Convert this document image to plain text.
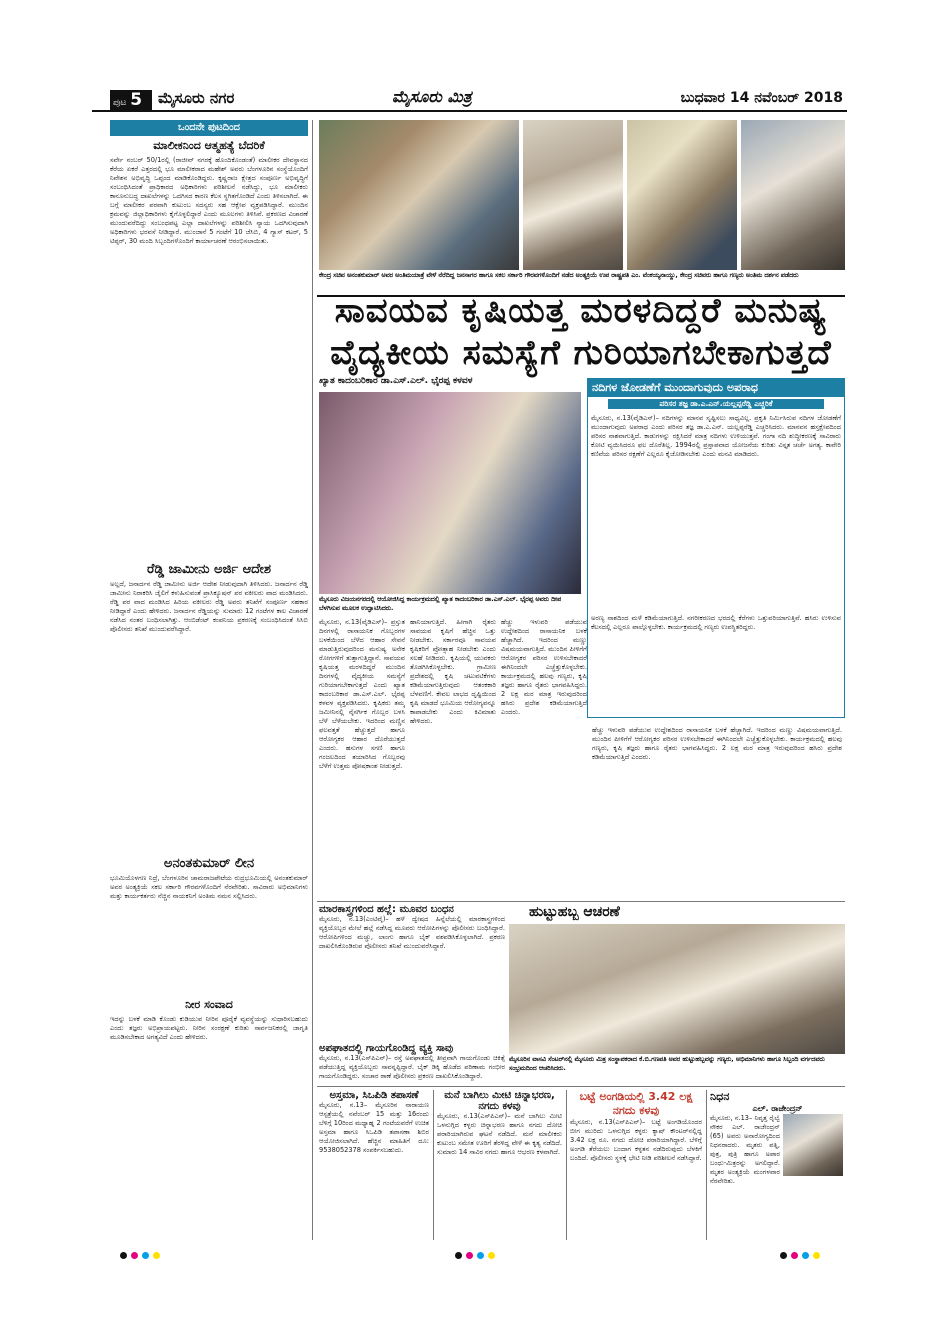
ಪುಟ 5	ಮೈಸೂರು ನಗರ	ಮೈಸೂರು ಮಿತ್ರ	ಬುಧವಾರ 14 ನವೆಂಬರ್ 2018
ಒಂದನೇ ಪುಟದಿಂದ
ಮಾಲೀಕನಿಂದ ಆತ್ಮಹತ್ಯೆ ಬೆದರಿಕೆ
ಸರ್ವೇ ನಂಬರ್ 50/1ರಲ್ಲಿ (ರಾಜೀವ್ ನಗರಕ್ಕೆ ಹೊಂದಿಕೊಂಡಂತೆ) ಮಾಲೀಕರ ದೇವಸ್ಥಾನದ ಕೆರೆಯ ಏಕರೆ ಎತ್ತರದಲ್ಲಿ ಭೂ ಮಾಲೀಕರಾದ ಮಹೇಶ್ ಅವರು ಬೆಂಗಳೂರಿನ ಸಂಸ್ಥೆಯೊಂದಿಗೆ ನಿವೇಶನ ಅಭಿವೃದ್ಧಿ ಒಪ್ಪಂದ ಮಾಡಿಕೊಂಡಿದ್ದರು. ಕೃಷ್ಣರಾಜ ಕ್ಷೇತ್ರದ ಸಂಪೂರ್ಣ ಅಭಿವೃದ್ಧಿಗೆ ಸಂಬಂಧಿಸಿದಂತೆ ಪ್ರಾಧಿಕಾರದ ಅಧಿಕಾರಿಗಳು ಪರಿಶೀಲನೆ ನಡೆಸಿದ್ದು, ಭೂ ಮಾಲೀಕರು ಕಾನೂನುಬದ್ಧ ದಾಖಲೆಗಳನ್ನು ಒದಗಿಸದ ಕಾರಣ ಕೆಲಸ ಸ್ಥಗಿತಗೊಂಡಿದೆ ಎಂದು ತಿಳಿಸಲಾಗಿದೆ. ಈ ಬಗ್ಗೆ ಮಾಲೀಕರ ಪರವಾಗಿ ಕುಟುಂಬ ಸದಸ್ಯರು ಸಹ ಆಕ್ಷೇಪ ವ್ಯಕ್ತಪಡಿಸಿದ್ದಾರೆ. ಮುಂದಿನ ಕ್ರಮವನ್ನು ಜಿಲ್ಲಾಧಿಕಾರಿಗಳು ಕೈಗೊಳ್ಳಲಿದ್ದಾರೆ ಎಂದು ಮೂಲಗಳು ತಿಳಿಸಿವೆ. ಪ್ರಕರಣದ ವಿಚಾರಣೆ ಮುಂದುವರೆದಿದ್ದು ಸಂಬಂಧಪಟ್ಟ ಎಲ್ಲಾ ದಾಖಲೆಗಳನ್ನು ಪರಿಶೀಲಿಸಿ ನ್ಯಾಯ ಒದಗಿಸುವುದಾಗಿ ಅಧಿಕಾರಿಗಳು ಭರವಸೆ ನೀಡಿದ್ದಾರೆ. ಮುಂಜಾನೆ 5 ಗಂಟೆಗೆ 10 ಜೆಸಿಬಿ, 4 ಗ್ಯಾಸ್ ಕಟರ್, 5 ಟಿಪ್ಪರ್, 30 ಮಂದಿ ಸಿಬ್ಬಂದಿಗಳೊಂದಿಗೆ ಕಾರ್ಯಾಚರಣೆ ಆರಂಭಿಸಲಾಯಿತು.
ರೆಡ್ಡಿ ಜಾಮೀನು ಅರ್ಜಿ ಆದೇಶ
ಅಲ್ಲದೆ, ಜನಾರ್ದನ ರೆಡ್ಡಿ ಜಾಮೀನು ಅರ್ಜಿ ಆದೇಶ ನೀಡುವುದಾಗಿ ತಿಳಿಸಿದರು. ಜನಾರ್ದನ ರೆಡ್ಡಿ ಜಾಮೀನು ನಿರಾಕರಿಸಿ ಜೈಲಿಗೆ ಕಳುಹಿಸುವಂತೆ ಪ್ರಾಸಿಕ್ಯೂಷನ್ ಪರ ವಕೀಲರು ವಾದ ಮಂಡಿಸಿದರು. ರೆಡ್ಡಿ ಪರ ವಾದ ಮಂಡಿಸಿದ ಹಿರಿಯ ವಕೀಲರು ರೆಡ್ಡಿ ಅವರು ತನಿಖೆಗೆ ಸಂಪೂರ್ಣ ಸಹಕಾರ ನೀಡಿದ್ದಾರೆ ಎಂದು ಹೇಳಿದರು. ಜನಾರ್ದನ ರೆಡ್ಡಿಯನ್ನು ಸುಮಾರು 12 ಗಂಟೆಗಳ ಕಾಲ ವಿಚಾರಣೆ ನಡೆಸಿದ ನಂತರ ಬಂಧಿಸಲಾಗಿತ್ತು. ಆಂಬಿಡೆಂಟ್ ಕಂಪನಿಯ ಪ್ರಕರಣಕ್ಕೆ ಸಂಬಂಧಿಸಿದಂತೆ ಸಿಸಿಬಿ ಪೊಲೀಸರು ತನಿಖೆ ಮುಂದುವರೆಸಿದ್ದಾರೆ.
ಅನಂತಕುಮಾರ್ ಲೀನ
ಭೂಮಿಯೊಳಗಣ ನಿದ್ರೆ, ಬೆಂಗಳೂರಿನ ಚಾಮರಾಜಪೇಟೆಯ ರುದ್ರಭೂಮಿಯಲ್ಲಿ ಅನಂತಕುಮಾರ್ ಅವರ ಅಂತ್ಯಕ್ರಿಯೆ ಸಕಲ ಸರ್ಕಾರಿ ಗೌರವಗಳೊಂದಿಗೆ ನೆರವೇರಿತು. ಸಾವಿರಾರು ಅಭಿಮಾನಿಗಳು ಮತ್ತು ಕಾರ್ಯಕರ್ತರು ನೆಚ್ಚಿನ ನಾಯಕನಿಗೆ ಅಂತಿಮ ನಮನ ಸಲ್ಲಿಸಿದರು.
ನೀರ ಸಂವಾದ
ಇದನ್ನು ಬಳಕೆ ಮಾಡಿ ಕೊಂಡು ಕುಡಿಯುವ ನೀರಿನ ಪೂರೈಕೆ ವ್ಯವಸ್ಥೆಯನ್ನು ಸುಧಾರಿಸಬಹುದು ಎಂದು ತಜ್ಞರು ಅಭಿಪ್ರಾಯಪಟ್ಟರು. ನೀರಿನ ಸಂರಕ್ಷಣೆ ಕುರಿತು ಸಾರ್ವಜನಿಕರಲ್ಲಿ ಜಾಗೃತಿ ಮೂಡಿಸಬೇಕಾದ ಅಗತ್ಯವಿದೆ ಎಂದು ಹೇಳಿದರು.
ಕೇಂದ್ರ ಸಚಿವ ಅನಂತಕುಮಾರ್ ಅವರ ಅಂತಿಮಯಾತ್ರೆ ವೇಳೆ ನೆರೆದಿದ್ದ ಜನಸಾಗರ ಹಾಗೂ ಸಕಲ ಸರ್ಕಾರಿ ಗೌರವಗಳೊಂದಿಗೆ ನಡೆದ ಅಂತ್ಯಕ್ರಿಯೆ ಉಪ ರಾಷ್ಟ್ರಪತಿ ಎಂ. ವೆಂಕಯ್ಯನಾಯ್ಡು, ಕೇಂದ್ರ ಸಚಿವರು ಹಾಗೂ ಗಣ್ಯರು ಅಂತಿಮ ದರ್ಶನ ಪಡೆದರು
ಸಾವಯವ ಕೃಷಿಯತ್ತ ಮರಳದಿದ್ದರೆ ಮನುಷ್ಯ
ವೈದ್ಯಕೀಯ ಸಮಸ್ಯೆಗೆ ಗುರಿಯಾಗಬೇಕಾಗುತ್ತದೆ
ಖ್ಯಾತ ಕಾದಂಬರಿಕಾರ ಡಾ.ಎಸ್.ಎಲ್. ಭೈರಪ್ಪ ಕಳವಳ
ಮೈಸೂರು ವಿಜಯನಗರದಲ್ಲಿ ಆಯೋಜಿಸಿದ್ದ ಕಾರ್ಯಕ್ರಮದಲ್ಲಿ ಖ್ಯಾತ ಕಾದಂಬರಿಕಾರ ಡಾ.ಎಸ್.ಎಲ್. ಭೈರಪ್ಪ ಅವರು ದೀಪ ಬೆಳಗಿಸುವ ಮೂಲಕ ಉದ್ಘಾಟಿಸಿದರು.
ಮೈಸೂರು, ನ.13(ವೈಡಿಎಸ್)– ಪ್ರಸ್ತುತ ದಿನಗಳಲ್ಲಿ ರಾಸಾಯನಿಕ ಗೊಬ್ಬರಗಳ ಬಳಕೆಯಿಂದ ಬೆಳೆದ ಆಹಾರ ಸೇವನೆ ಮಾಡುತ್ತಿರುವುದರಿಂದ ಮನುಷ್ಯ ಅನೇಕ ರೋಗಗಳಿಗೆ ತುತ್ತಾಗುತ್ತಿದ್ದಾನೆ. ಸಾವಯವ ಕೃಷಿಯತ್ತ ಮರಳದಿದ್ದರೆ ಮುಂದಿನ ದಿನಗಳಲ್ಲಿ ವೈದ್ಯಕೀಯ ಸಮಸ್ಯೆಗೆ ಗುರಿಯಾಗಬೇಕಾಗುತ್ತದೆ ಎಂದು ಖ್ಯಾತ ಕಾದಂಬರಿಕಾರ ಡಾ.ಎಸ್.ಎಲ್. ಭೈರಪ್ಪ ಕಳವಳ ವ್ಯಕ್ತಪಡಿಸಿದರು. ಕೃಷಿಕರು ತಮ್ಮ ಜಮೀನಿನಲ್ಲಿ ನೈಸರ್ಗಿಕ ಗೊಬ್ಬರ ಬಳಸಿ ಬೆಳೆ ಬೆಳೆಯಬೇಕು. ಇದರಿಂದ ಮಣ್ಣಿನ ಫಲವತ್ತತೆ ಹೆಚ್ಚುತ್ತದೆ ಹಾಗೂ ಆರೋಗ್ಯಕರ ಆಹಾರ ದೊರೆಯುತ್ತದೆ ಎಂದರು. ಹಸುಗಳ ಸಗಣಿ ಹಾಗೂ ಗಂಜಲದಿಂದ ತಯಾರಿಸಿದ ಗೊಬ್ಬರವು ಬೆಳೆಗೆ ಉತ್ತಮ ಪೋಷಕಾಂಶ ನೀಡುತ್ತದೆ.
ಹಾನಿಯಾಗುತ್ತಿದೆ. ಹೀಗಾಗಿ ರೈತರು ಸಾವಯವ ಕೃಷಿಗೆ ಹೆಚ್ಚಿನ ಒತ್ತು ನೀಡಬೇಕು. ಸರ್ಕಾರವೂ ಸಾವಯವ ಕೃಷಿಕರಿಗೆ ಪ್ರೋತ್ಸಾಹ ನೀಡಬೇಕು ಎಂದು ಸಲಹೆ ನೀಡಿದರು. ಕೃಷಿಯಲ್ಲಿ ಯುವಕರು ತೊಡಗಿಸಿಕೊಳ್ಳಬೇಕು. ಗ್ರಾಮೀಣ ಪ್ರದೇಶದಲ್ಲಿ ಕೃಷಿ ಚಟುವಟಿಕೆಗಳು ಕಡಿಮೆಯಾಗುತ್ತಿರುವುದು ಆತಂಕಕಾರಿ ಬೆಳವಣಿಗೆ. ಕೇವಲ ಲಾಭದ ದೃಷ್ಟಿಯಿಂದ ಕೃಷಿ ಮಾಡದೆ ಭೂಮಿಯ ಆರೋಗ್ಯವನ್ನೂ ಕಾಪಾಡಬೇಕು ಎಂದು ಕಿವಿಮಾತು ಹೇಳಿದರು.
ಹೆಚ್ಚು ಇಳುವರಿ ಪಡೆಯುವ ಉದ್ದೇಶದಿಂದ ರಾಸಾಯನಿಕ ಬಳಕೆ ಹೆಚ್ಚಾಗಿದೆ. ಇದರಿಂದ ಮಣ್ಣು ವಿಷಮಯವಾಗುತ್ತಿದೆ. ಮುಂದಿನ ಪೀಳಿಗೆಗೆ ಆರೋಗ್ಯಕರ ಪರಿಸರ ಉಳಿಸಬೇಕಾದರೆ ಈಗಿನಿಂದಲೇ ಎಚ್ಚೆತ್ತುಕೊಳ್ಳಬೇಕು. ಕಾರ್ಯಕ್ರಮದಲ್ಲಿ ಹಲವು ಗಣ್ಯರು, ಕೃಷಿ ತಜ್ಞರು ಹಾಗೂ ರೈತರು ಭಾಗವಹಿಸಿದ್ದರು. 2 ಲಕ್ಷ ಮರ ಮಾತ್ರ ಇರುವುದರಿಂದ ಹಸಿರು ಪ್ರದೇಶ ಕಡಿಮೆಯಾಗುತ್ತಿದೆ ಎಂದರು.
ನದಿಗಳ ಜೋಡಣೆಗೆ ಮುಂದಾಗುವುದು ಅಪರಾಧ
ಪರಿಸರ ತಜ್ಞ ಡಾ.ಎ.ಎನ್.ಯಲ್ಲಪ್ಪರೆಡ್ಡಿ ಎಚ್ಚರಿಕೆ
ಮೈಸೂರು, ನ.13(ವೈಡಿಎಸ್)– ನದಿಗಳನ್ನು ಮಾನವ ಸೃಷ್ಟಿಸಲು ಸಾಧ್ಯವಿಲ್ಲ. ಪ್ರಕೃತಿ ನಿರ್ಮಿಸಿರುವ ನದಿಗಳ ಜೋಡಣೆಗೆ ಮುಂದಾಗುವುದು ಅಪರಾಧ ಎಂದು ಪರಿಸರ ತಜ್ಞ ಡಾ.ಎ.ಎನ್. ಯಲ್ಲಪ್ಪರೆಡ್ಡಿ ಎಚ್ಚರಿಸಿದರು. ಮಾನವನ ಹಸ್ತಕ್ಷೇಪದಿಂದ ಪರಿಸರ ನಾಶವಾಗುತ್ತಿದೆ. ಕಾಡುಗಳನ್ನು ರಕ್ಷಿಸಿದರೆ ಮಾತ್ರ ನದಿಗಳು ಉಳಿಯುತ್ತವೆ. ಗಂಗಾ ನದಿ ಶುದ್ಧೀಕರಣಕ್ಕೆ ಸಾವಿರಾರು ಕೋಟಿ ವ್ಯಯಿಸಿದರೂ ಫಲ ದೊರೆತಿಲ್ಲ. 1994ರಲ್ಲಿ ಪ್ರಸ್ತಾಪವಾದ ಯೋಜನೆಯ ಕುರಿತು ವಿಸ್ತೃತ ಚರ್ಚೆ ಅಗತ್ಯ. ಕಾವೇರಿ ಕಣಿವೆಯ ಪರಿಸರ ರಕ್ಷಣೆಗೆ ಎಲ್ಲರೂ ಕೈಜೋಡಿಸಬೇಕು ಎಂದು ಮನವಿ ಮಾಡಿದರು.
ಅರಣ್ಯ ನಾಶದಿಂದ ಮಳೆ ಕಡಿಮೆಯಾಗುತ್ತಿದೆ. ನಗರೀಕರಣದ ಭರದಲ್ಲಿ ಕೆರೆಗಳು ಒತ್ತುವರಿಯಾಗುತ್ತಿವೆ. ಹಸಿರು ಉಳಿಸುವ ಕೆಲಸದಲ್ಲಿ ಎಲ್ಲರೂ ಪಾಲ್ಗೊಳ್ಳಬೇಕು. ಕಾರ್ಯಕ್ರಮದಲ್ಲಿ ಗಣ್ಯರು ಉಪಸ್ಥಿತರಿದ್ದರು.
ಹೆಚ್ಚು ಇಳುವರಿ ಪಡೆಯುವ ಉದ್ದೇಶದಿಂದ ರಾಸಾಯನಿಕ ಬಳಕೆ ಹೆಚ್ಚಾಗಿದೆ. ಇದರಿಂದ ಮಣ್ಣು ವಿಷಮಯವಾಗುತ್ತಿದೆ. ಮುಂದಿನ ಪೀಳಿಗೆಗೆ ಆರೋಗ್ಯಕರ ಪರಿಸರ ಉಳಿಸಬೇಕಾದರೆ ಈಗಿನಿಂದಲೇ ಎಚ್ಚೆತ್ತುಕೊಳ್ಳಬೇಕು. ಕಾರ್ಯಕ್ರಮದಲ್ಲಿ ಹಲವು ಗಣ್ಯರು, ಕೃಷಿ ತಜ್ಞರು ಹಾಗೂ ರೈತರು ಭಾಗವಹಿಸಿದ್ದರು. 2 ಲಕ್ಷ ಮರ ಮಾತ್ರ ಇರುವುದರಿಂದ ಹಸಿರು ಪ್ರದೇಶ ಕಡಿಮೆಯಾಗುತ್ತಿದೆ ಎಂದರು.
ಮಾರಕಾಸ್ತ್ರಗಳಿಂದ ಹಲ್ಲೆ: ಮೂವರ ಬಂಧನ
ಮೈಸೂರು, ನ.13(ಎಂಟಿವೈ)– ಹಳೆ ದ್ವೇಷದ ಹಿನ್ನೆಲೆಯಲ್ಲಿ ಮಾರಕಾಸ್ತ್ರಗಳಿಂದ ವ್ಯಕ್ತಿಯೊಬ್ಬರ ಮೇಲೆ ಹಲ್ಲೆ ನಡೆಸಿದ್ದ ಮೂವರು ಆರೋಪಿಗಳನ್ನು ಪೊಲೀಸರು ಬಂಧಿಸಿದ್ದಾರೆ. ಆರೋಪಿಗಳಿಂದ ಮಚ್ಚು, ಲಾಂಗು ಹಾಗೂ ಬೈಕ್ ವಶಪಡಿಸಿಕೊಳ್ಳಲಾಗಿದೆ. ಪ್ರಕರಣ ದಾಖಲಿಸಿಕೊಂಡಿರುವ ಪೊಲೀಸರು ತನಿಖೆ ಮುಂದುವರೆಸಿದ್ದಾರೆ.
ಅಪಘಾತದಲ್ಲಿ ಗಾಯಗೊಂಡಿದ್ದ ವ್ಯಕ್ತಿ ಸಾವು
ಮೈಸೂರು, ನ.13(ಎಸ್‌ಪಿಎನ್)– ರಸ್ತೆ ಅಪಘಾತದಲ್ಲಿ ತೀವ್ರವಾಗಿ ಗಾಯಗೊಂಡು ಚಿಕಿತ್ಸೆ ಪಡೆಯುತ್ತಿದ್ದ ವ್ಯಕ್ತಿಯೊಬ್ಬರು ಸಾವನ್ನಪ್ಪಿದ್ದಾರೆ. ಬೈಕ್ ಡಿಕ್ಕಿ ಹೊಡೆದ ಪರಿಣಾಮ ಗಂಭೀರ ಗಾಯಗೊಂಡಿದ್ದರು. ಸಂಚಾರ ಠಾಣೆ ಪೊಲೀಸರು ಪ್ರಕರಣ ದಾಖಲಿಸಿಕೊಂಡಿದ್ದಾರೆ.
ಹುಟ್ಟುಹಬ್ಬ ಆಚರಣೆ
ಮೈಸೂರಿನ ವಾಸವಿ ಸೆಂಟರ್‌ನಲ್ಲಿ ಮೈಸೂರು ಮಿತ್ರ ಸಂಸ್ಥಾಪಕರಾದ ಕೆ.ಬಿ.ಗಣಪತಿ ಅವರ ಹುಟ್ಟುಹಬ್ಬವನ್ನು ಗಣ್ಯರು, ಅಭಿಮಾನಿಗಳು ಹಾಗೂ ಸಿಬ್ಬಂದಿ ವರ್ಗದವರು ಸಂಭ್ರಮದಿಂದ ಆಚರಿಸಿದರು.
ಅಸ್ತಮಾ, ಸಿಒಪಿಡಿ ತಪಾಸಣೆ
ಮೈಸೂರು, ನ.13– ಮೈಸೂರಿನ ನಾರಾಯಣ ಆಸ್ಪತ್ರೆಯಲ್ಲಿ ನವೆಂಬರ್ 15 ಮತ್ತು 16ರಂದು ಬೆಳಿಗ್ಗೆ 10ರಿಂದ ಮಧ್ಯಾಹ್ನ 2 ಗಂಟೆಯವರೆಗೆ ಉಚಿತ ಅಸ್ತಮಾ ಹಾಗೂ ಸಿಒಪಿಡಿ ತಪಾಸಣಾ ಶಿಬಿರ ಆಯೋಜಿಸಲಾಗಿದೆ. ಹೆಚ್ಚಿನ ಮಾಹಿತಿಗೆ ದೂ: 9538052378 ಸಂಪರ್ಕಿಸಬಹುದು.
ಮನೆ ಬಾಗಿಲು ಮೀಟಿ ಚಿನ್ನಾಭರಣ, ನಗದು ಕಳವು
ಮೈಸೂರು, ನ.13(ಎಸ್‌ಪಿಎನ್)– ಮನೆ ಬಾಗಿಲು ಮೀಟಿ ಒಳನುಗ್ಗಿದ ಕಳ್ಳರು ಚಿನ್ನಾಭರಣ ಹಾಗೂ ನಗದು ದೋಚಿ ಪರಾರಿಯಾಗಿರುವ ಘಟನೆ ನಡೆದಿದೆ. ಮನೆ ಮಾಲೀಕರು ಕುಟುಂಬ ಸಮೇತ ಊರಿಗೆ ತೆರಳಿದ್ದ ವೇಳೆ ಈ ಕೃತ್ಯ ನಡೆದಿದೆ. ಸುಮಾರು 14 ಸಾವಿರ ನಗದು ಹಾಗೂ ಆಭರಣ ಕಳವಾಗಿದೆ.
ಬಟ್ಟೆ ಅಂಗಡಿಯಲ್ಲಿ 3.42 ಲಕ್ಷ ನಗದು ಕಳವು
ಮೈಸೂರು, ನ.13(ಎಸ್‌ಪಿಎನ್)– ಬಟ್ಟೆ ಅಂಗಡಿಯೊಂದರ ಬೀಗ ಮುರಿದು ಒಳನುಗ್ಗಿದ ಕಳ್ಳರು ಕ್ಯಾಷ್ ಕೌಂಟರ್‌ನಲ್ಲಿದ್ದ 3.42 ಲಕ್ಷ ರೂ. ನಗದು ದೋಚಿ ಪರಾರಿಯಾಗಿದ್ದಾರೆ. ಬೆಳಿಗ್ಗೆ ಅಂಗಡಿ ತೆರೆಯಲು ಬಂದಾಗ ಕಳ್ಳತನ ನಡೆದಿರುವುದು ಬೆಳಕಿಗೆ ಬಂದಿದೆ. ಪೊಲೀಸರು ಸ್ಥಳಕ್ಕೆ ಭೇಟಿ ನೀಡಿ ಪರಿಶೀಲನೆ ನಡೆಸಿದ್ದಾರೆ.
ನಿಧನ
ಎಲ್. ರಾಜೇಂದ್ರನ್
ಮೈಸೂರು, ನ.13– ನಿವೃತ್ತ ರೈಲ್ವೆ ನೌಕರ ಎಲ್. ರಾಜೇಂದ್ರನ್ (65) ಅವರು ಅನಾರೋಗ್ಯದಿಂದ ನಿಧನರಾದರು. ಮೃತರು ಪತ್ನಿ, ಪುತ್ರ, ಪುತ್ರಿ ಹಾಗೂ ಅಪಾರ ಬಂಧು-ಮಿತ್ರರನ್ನು ಅಗಲಿದ್ದಾರೆ. ಮೃತರ ಅಂತ್ಯಕ್ರಿಯೆ ಮಂಗಳವಾರ ನೆರವೇರಿತು.
